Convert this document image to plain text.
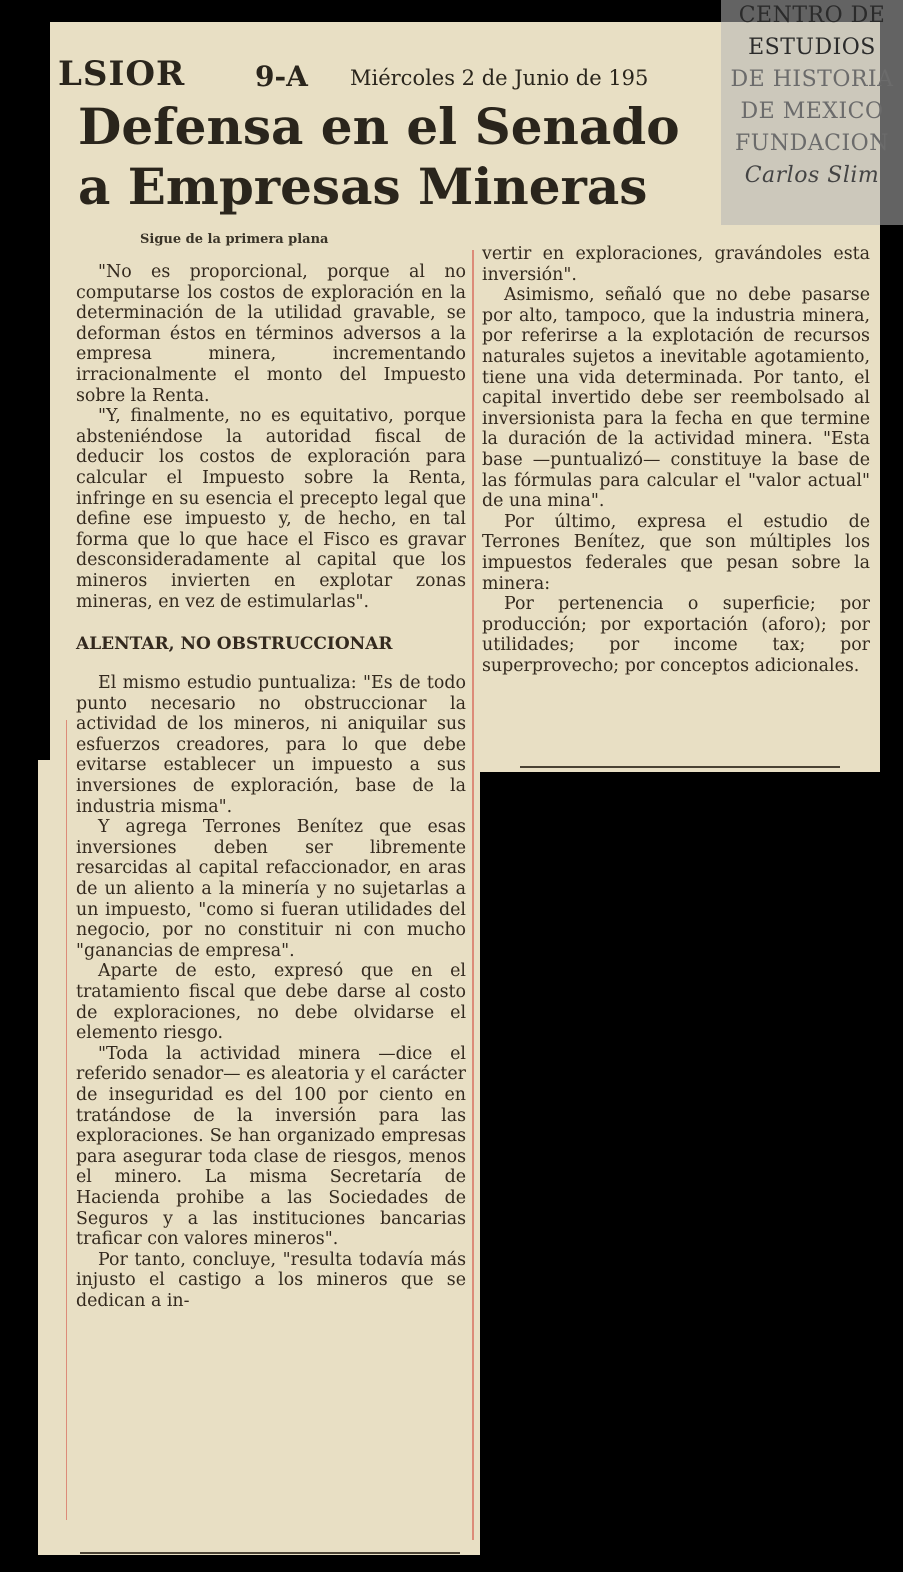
LSIOR 9-A Miércoles 2 de Junio de 195
Defensa en el Senado
a Empresas Mineras
Sigue de la primera plana

"No es proporcional, porque al no computarse los costos de exploración en la determinación de la utilidad gravable, se deforman éstos en términos adversos a la empresa minera, incrementando irracionalmente el monto del Impuesto sobre la Renta.

"Y, finalmente, no es equitativo, porque absteniéndose la autoridad fiscal de deducir los costos de exploración para calcular el Impuesto sobre la Renta, infringe en su esencia el precepto legal que define ese impuesto y, de hecho, en tal forma que lo que hace el Fisco es gravar desconsideradamente al capital que los mineros invierten en explotar zonas mineras, en vez de estimularlas".

ALENTAR, NO OBSTRUCCIONAR

El mismo estudio puntualiza: "Es de todo punto necesario no obstruccionar la actividad de los mineros, ni aniquilar sus esfuerzos creadores, para lo que debe evitarse establecer un impuesto a sus inversiones de exploración, base de la industria misma".

Y agrega Terrones Benítez que esas inversiones deben ser libremente resarcidas al capital refaccionador, en aras de un aliento a la minería y no sujetarlas a un impuesto, "como si fueran utilidades del negocio, por no constituir ni con mucho "ganancias de empresa".

Aparte de esto, expresó que en el tratamiento fiscal que debe darse al costo de exploraciones, no debe olvidarse el elemento riesgo.

"Toda la actividad minera —dice el referido senador— es aleatoria y el carácter de inseguridad es del 100 por ciento en tratándose de la inversión para las exploraciones. Se han organizado empresas para asegurar toda clase de riesgos, menos el minero. La misma Secretaría de Hacienda prohibe a las Sociedades de Seguros y a las instituciones bancarias traficar con valores mineros".

Por tanto, concluye, "resulta todavía más injusto el castigo a los mineros que se dedican a in-

vertir en exploraciones, gravándoles esta inversión".

Asimismo, señaló que no debe pasarse por alto, tampoco, que la industria minera, por referirse a la explotación de recursos naturales sujetos a inevitable agotamiento, tiene una vida determinada. Por tanto, el capital invertido debe ser reembolsado al inversionista para la fecha en que termine la duración de la actividad minera. "Esta base —puntualizó— constituye la base de las fórmulas para calcular el "valor actual" de una mina".

Por último, expresa el estudio de Terrones Benítez, que son múltiples los impuestos federales que pesan sobre la minera:

Por pertenencia o superficie; por producción; por exportación (aforo); por utilidades; por income tax; por superprovecho; por conceptos adicionales.

CENTRO DE
ESTUDIOS
DE HISTORIA
DE MEXICO
FUNDACION
Carlos Slim
